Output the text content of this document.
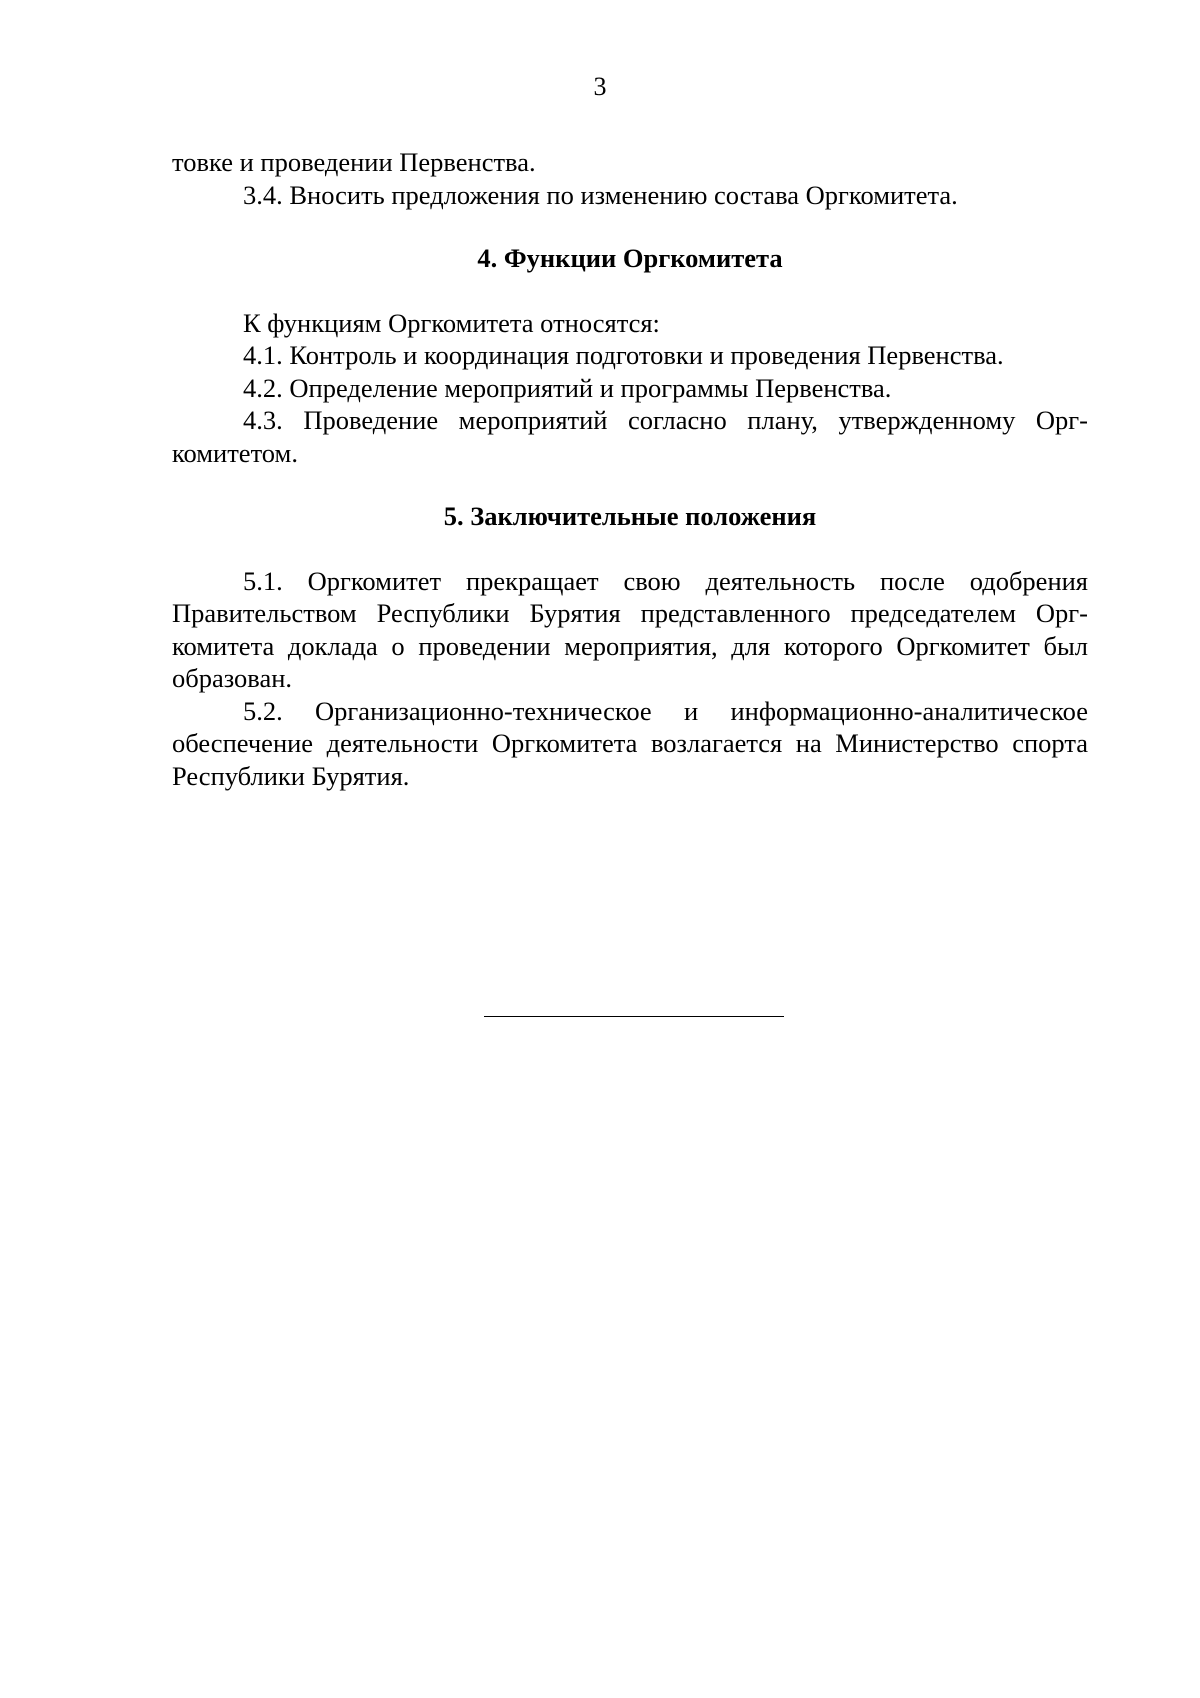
3

товке и проведении Первенства.

3.4. Вносить предложения по изменению состава Оргкомитета.

4. Функции Оргкомитета

К функциям Оргкомитета относятся:

4.1. Контроль и координация подготовки и проведения Первенства.

4.2. Определение мероприятий и программы Первенства.

4.3. Проведение мероприятий согласно плану, утвержденному Оргкомитетом.

5. Заключительные положения

5.1. Оргкомитет прекращает свою деятельность после одобрения Правительством Республики Бурятия представленного председателем Оргкомитета доклада о проведении мероприятия, для которого Оргкомитет был образован.

5.2. Организационно-техническое и информационно-аналитическое обеспечение деятельности Оргкомитета возлагается на Министерство спорта Республики Бурятия.
